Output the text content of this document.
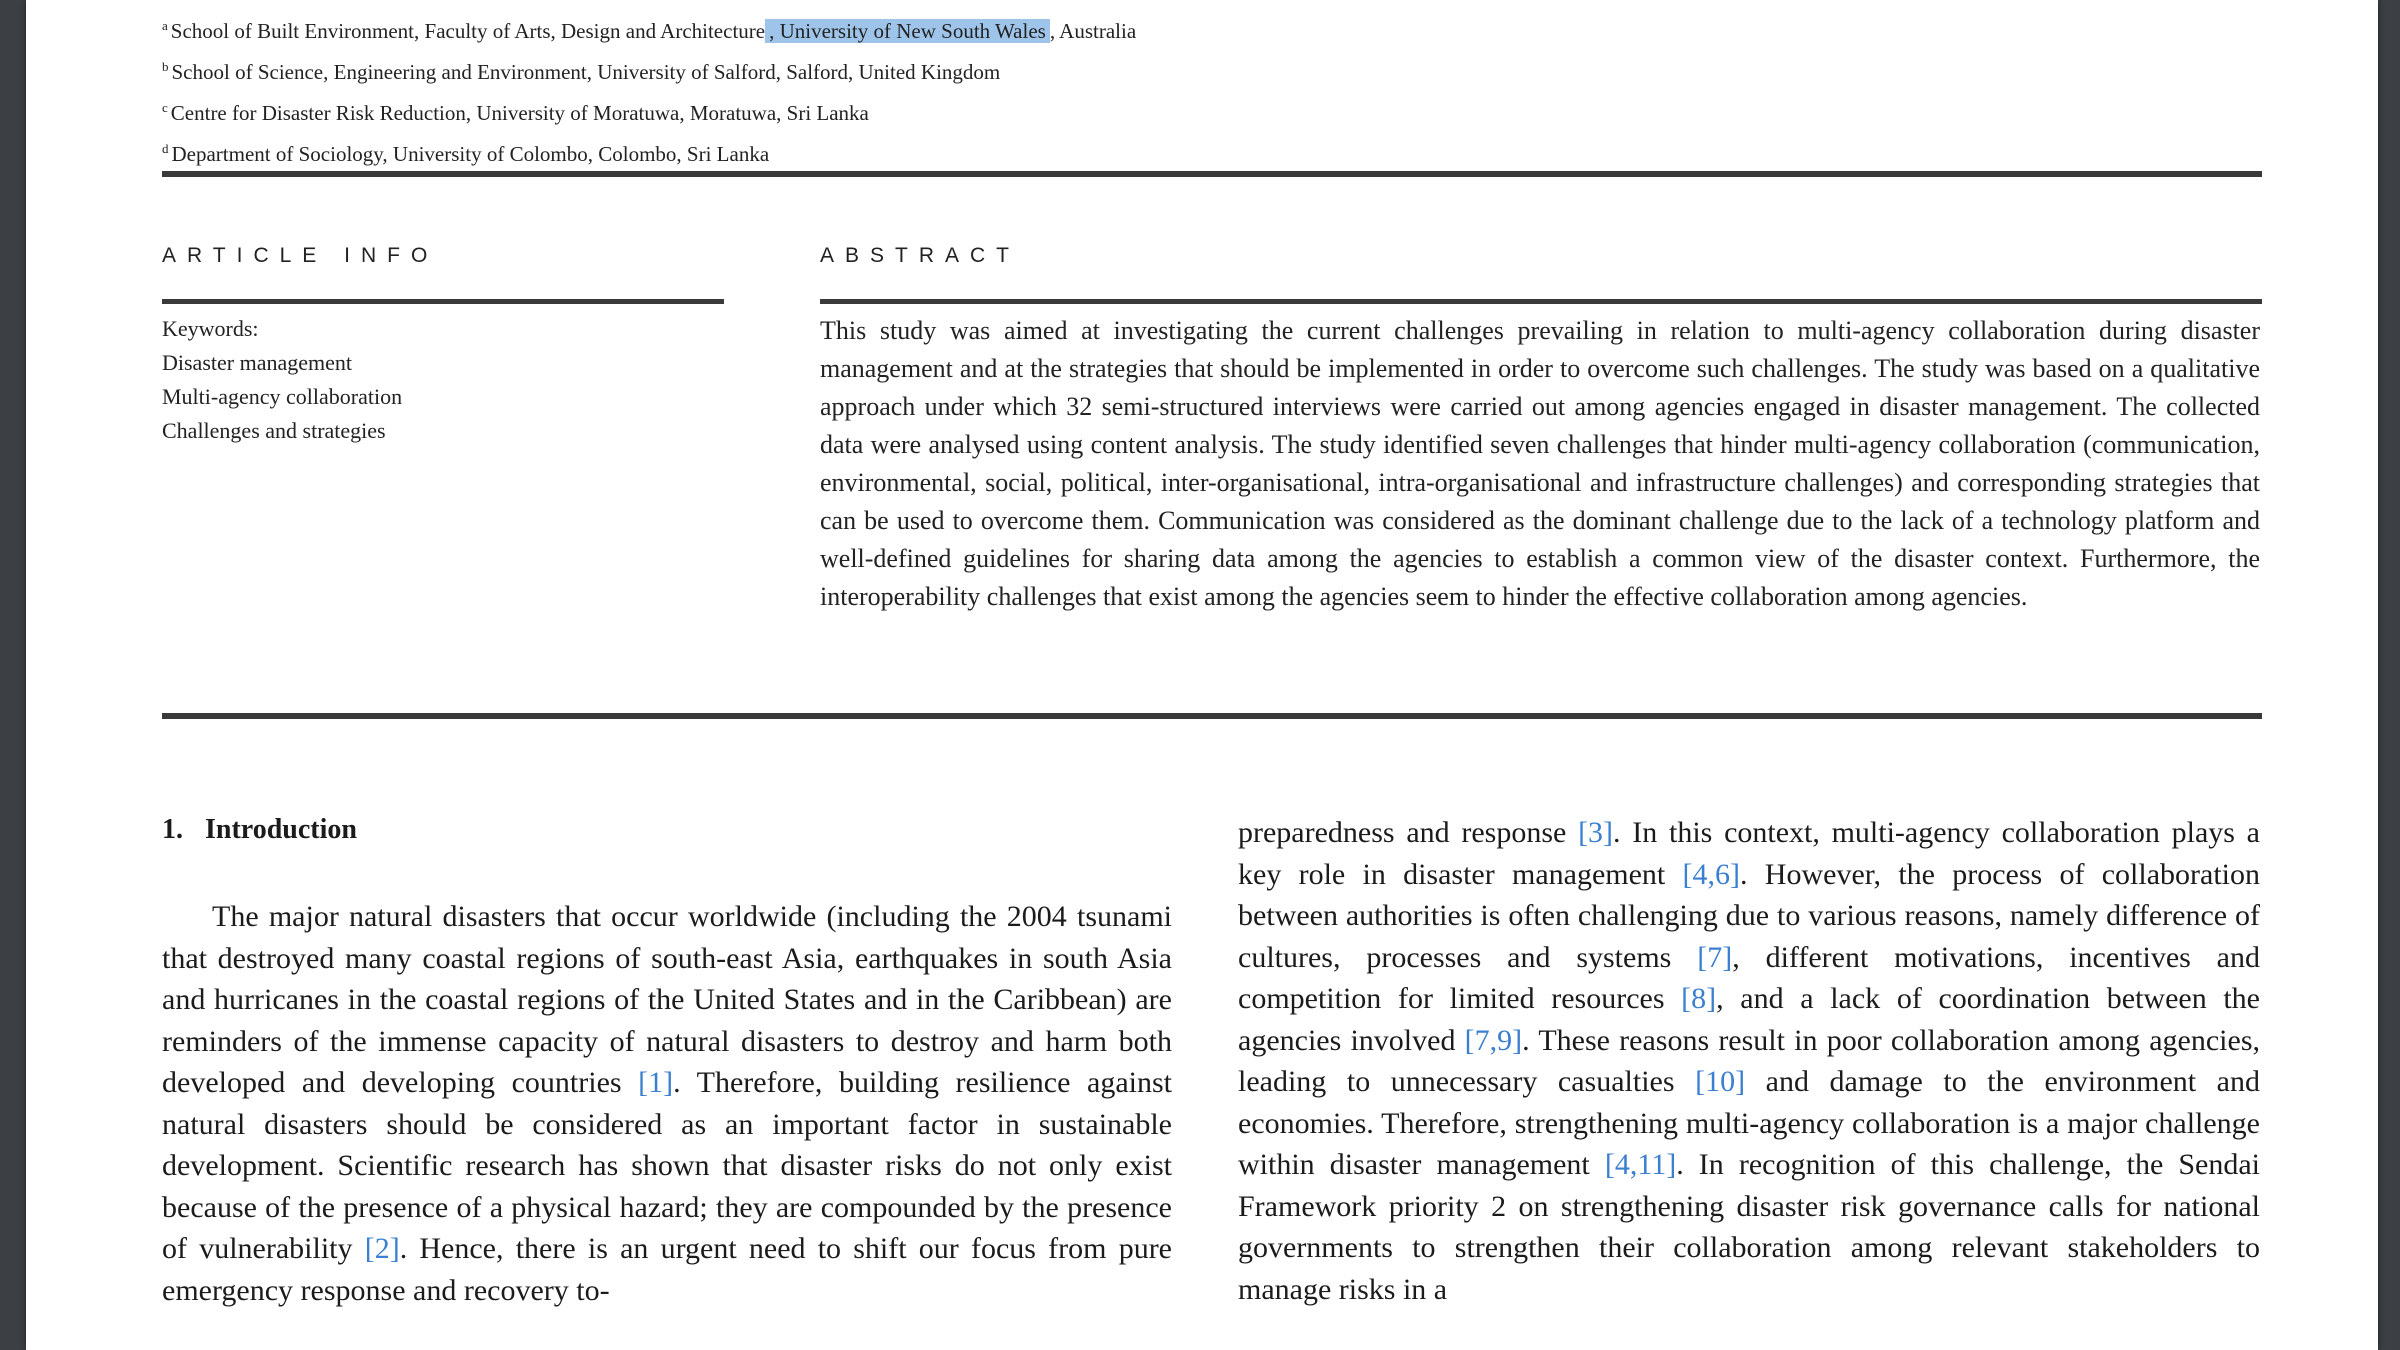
$^a$ School of Built Environment, Faculty of Arts, Design and Architecture , University of New South Wales , Australia
$^b$ School of Science, Engineering and Environment, University of Salford, Salford, United Kingdom
$^c$ Centre for Disaster Risk Reduction, University of Moratuwa, Moratuwa, Sri Lanka
$^d$ Department of Sociology, University of Colombo, Colombo, Sri Lanka
ARTICLE INFO	ABSTRACT
Keywords:
Disaster management
Multi-agency collaboration
Challenges and strategies
This study was aimed at investigating the current challenges prevailing in relation to multi-agency collaboration during disaster management and at the strategies that should be implemented in order to overcome such challenges. The study was based on a qualitative approach under which 32 semi-structured interviews were carried out among agencies engaged in disaster management. The collected data were analysed using content analysis. The study identified seven challenges that hinder multi-agency collaboration (communication, environmental, social, political, inter-organisational, intra-organisational and infrastructure challenges) and corresponding strategies that can be used to overcome them. Communication was considered as the dominant challenge due to the lack of a technology platform and well-defined guidelines for sharing data among the agencies to establish a common view of the disaster context. Furthermore, the interoperability challenges that exist among the agencies seem to hinder the effective collaboration among agencies.
1. Introduction
The major natural disasters that occur worldwide (including the 2004 tsunami that destroyed many coastal regions of south-east Asia, earthquakes in south Asia and hurricanes in the coastal regions of the United States and in the Caribbean) are reminders of the immense capacity of natural disasters to destroy and harm both developed and developing countries [1]. Therefore, building resilience against natural disasters should be considered as an important factor in sustainable development. Scientific research has shown that disaster risks do not only exist because of the presence of a physical hazard; they are compounded by the presence of vulnerability [2]. Hence, there is an urgent need to shift our focus from pure emergency response and recovery to-
preparedness and response [3]. In this context, multi-agency collaboration plays a key role in disaster management [4,6]. However, the process of collaboration between authorities is often challenging due to various reasons, namely difference of cultures, processes and systems [7], different motivations, incentives and competition for limited resources [8], and a lack of coordination between the agencies involved [7,9]. These reasons result in poor collaboration among agencies, leading to unnecessary casualties [10] and damage to the environment and economies. Therefore, strengthening multi-agency collaboration is a major challenge within disaster management [4,11]. In recognition of this challenge, the Sendai Framework priority 2 on strengthening disaster risk governance calls for national governments to strengthen their collaboration among relevant stakeholders to manage risks in a
